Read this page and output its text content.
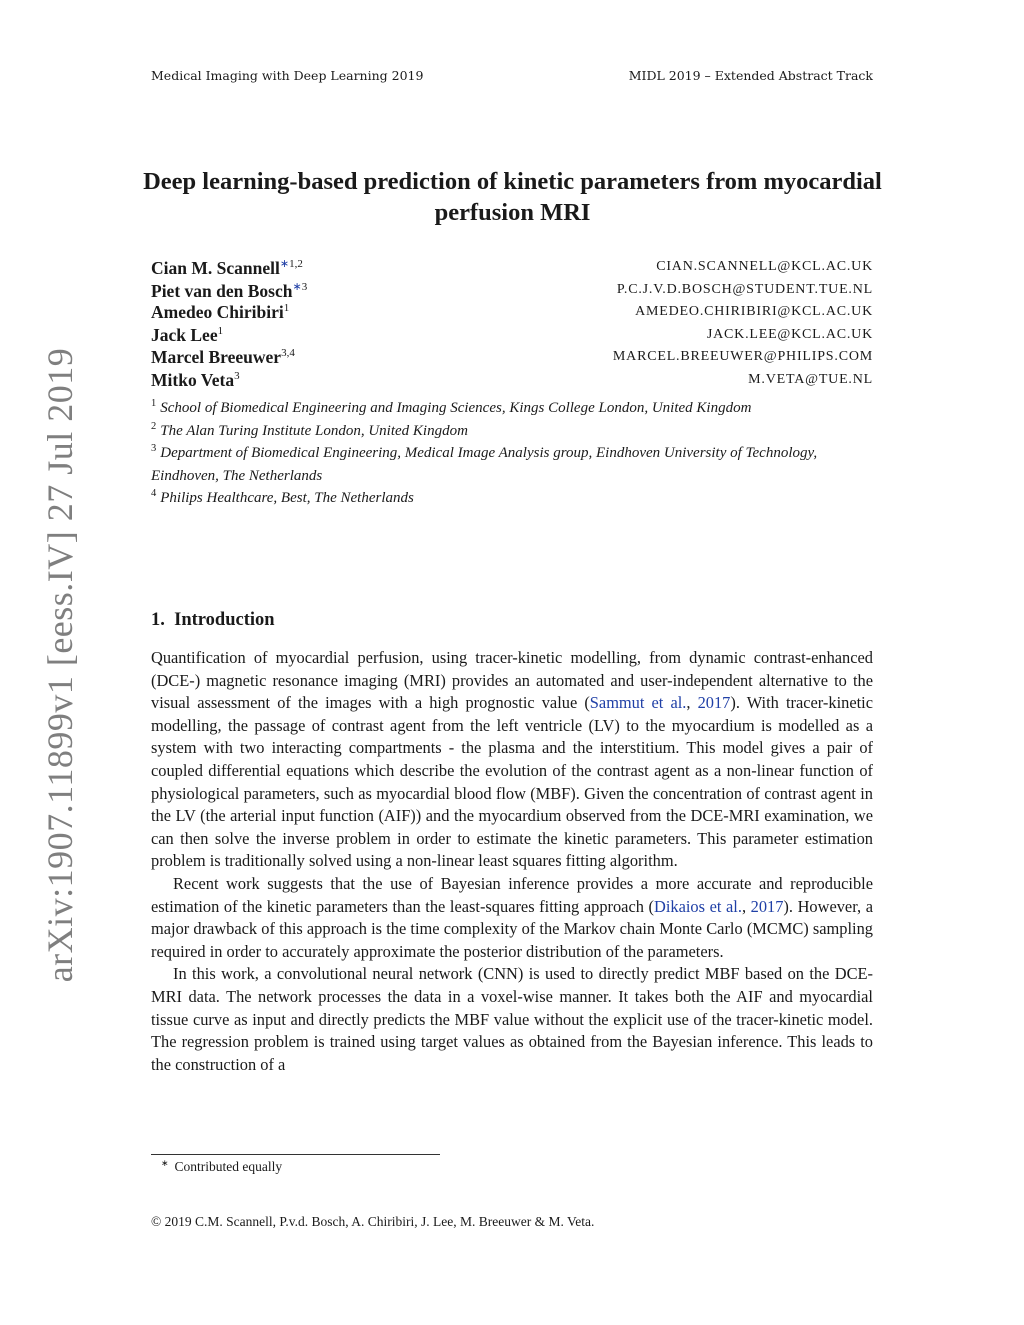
Medical Imaging with Deep Learning 2019	MIDL 2019 – Extended Abstract Track
arXiv:1907.11899v1 [eess.IV] 27 Jul 2019
Deep learning-based prediction of kinetic parameters from myocardial perfusion MRI
Cian M. Scannell$^{∗1,2}$	CIAN.SCANNELL@KCL.AC.UK
Piet van den Bosch$^{∗3}$	P.C.J.V.D.BOSCH@STUDENT.TUE.NL
Amedeo Chiribiri$^1$	AMEDEO.CHIRIBIRI@KCL.AC.UK
Jack Lee$^1$	JACK.LEE@KCL.AC.UK
Marcel Breeuwer$^{3,4}$	MARCEL.BREEUWER@PHILIPS.COM
Mitko Veta$^3$	M.VETA@TUE.NL
$^1$ School of Biomedical Engineering and Imaging Sciences, Kings College London, United Kingdom
$^2$ The Alan Turing Institute London, United Kingdom
$^3$ Department of Biomedical Engineering, Medical Image Analysis group, Eindhoven University of Technology, Eindhoven, The Netherlands
$^4$ Philips Healthcare, Best, The Netherlands
1. Introduction

Quantification of myocardial perfusion, using tracer-kinetic modelling, from dynamic contrast-enhanced (DCE-) magnetic resonance imaging (MRI) provides an automated and user-independent alternative to the visual assessment of the images with a high prognostic value (Sammut et al., 2017). With tracer-kinetic modelling, the passage of contrast agent from the left ventricle (LV) to the myocardium is modelled as a system with two interacting compartments - the plasma and the interstitium. This model gives a pair of coupled differential equations which describe the evolution of the contrast agent as a non-linear function of physiological parameters, such as myocardial blood flow (MBF). Given the concentration of contrast agent in the LV (the arterial input function (AIF)) and the myocardium observed from the DCE-MRI examination, we can then solve the inverse problem in order to estimate the kinetic parameters. This parameter estimation problem is traditionally solved using a non-linear least squares fitting algorithm.

Recent work suggests that the use of Bayesian inference provides a more accurate and reproducible estimation of the kinetic parameters than the least-squares fitting approach (Dikaios et al., 2017). However, a major drawback of this approach is the time complexity of the Markov chain Monte Carlo (MCMC) sampling required in order to accurately approximate the posterior distribution of the parameters.

In this work, a convolutional neural network (CNN) is used to directly predict MBF based on the DCE-MRI data. The network processes the data in a voxel-wise manner. It takes both the AIF and myocardial tissue curve as input and directly predicts the MBF value without the explicit use of the tracer-kinetic model. The regression problem is trained using target values as obtained from the Bayesian inference. This leads to the construction of a

∗ Contributed equally
© 2019 C.M. Scannell, P.v.d. Bosch, A. Chiribiri, J. Lee, M. Breeuwer & M. Veta.
